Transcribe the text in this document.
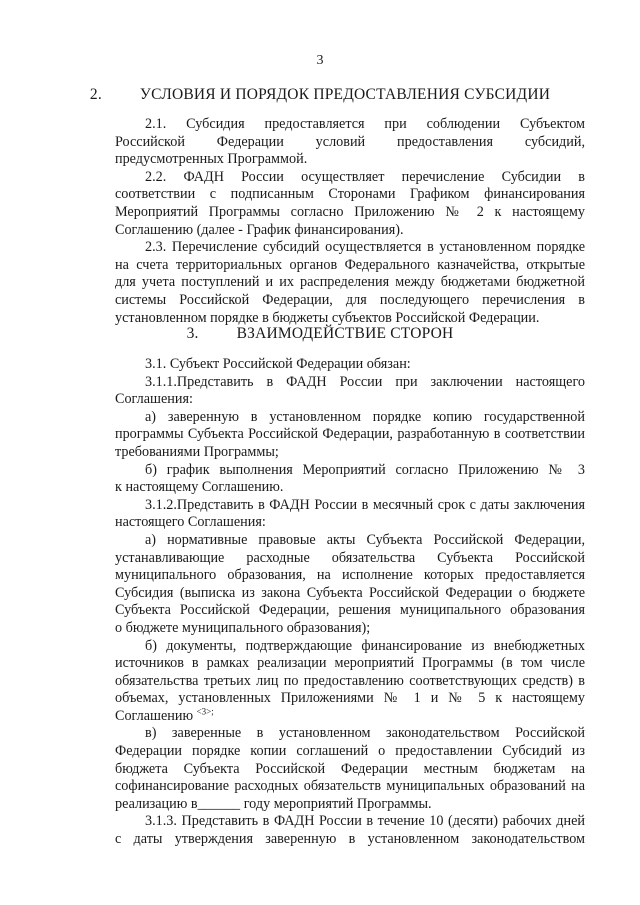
3
2. УСЛОВИЯ И ПОРЯДОК ПРЕДОСТАВЛЕНИЯ СУБСИДИИ
2.1. Субсидия предоставляется при соблюдении Субъектом
Российской Федерации условий предоставления субсидий,
предусмотренных Программой.
2.2. ФАДН России осуществляет перечисление Субсидии в
соответствии с подписанным Сторонами Графиком финансирования
Мероприятий Программы согласно Приложению № 2 к настоящему
Соглашению (далее - График финансирования).
2.3. Перечисление субсидий осуществляется в установленном порядке
на счета территориальных органов Федерального казначейства, открытые
для учета поступлений и их распределения между бюджетами бюджетной
системы Российской Федерации, для последующего перечисления в
установленном порядке в бюджеты субъектов Российской Федерации.
3. ВЗАИМОДЕЙСТВИЕ СТОРОН
3.1. Субъект Российской Федерации обязан:
3.1.1.Представить в ФАДН России при заключении настоящего
Соглашения:
а) заверенную в установленном порядке копию государственной
программы Субъекта Российской Федерации, разработанную в соответствии
требованиями Программы;
б) график выполнения Мероприятий согласно Приложению № 3
к настоящему Соглашению.
3.1.2.Представить в ФАДН России в месячный срок с даты заключения
настоящего Соглашения:
а) нормативные правовые акты Субъекта Российской Федерации,
устанавливающие расходные обязательства Субъекта Российской
муниципального образования, на исполнение которых предоставляется
Субсидия (выписка из закона Субъекта Российской Федерации о бюджете
Субъекта Российской Федерации, решения муниципального образования
о бюджете муниципального образования);
б) документы, подтверждающие финансирование из внебюджетных
источников в рамках реализации мероприятий Программы (в том числе
обязательства третьих лиц по предоставлению соответствующих средств) в
объемах, установленных Приложениями № 1 и № 5 к настоящему
Соглашению $^{<3>;}$
в) заверенные в установленном законодательством Российской
Федерации порядке копии соглашений о предоставлении Субсидий из
бюджета Субъекта Российской Федерации местным бюджетам на
софинансирование расходных обязательств муниципальных образований на
реализацию в______ году мероприятий Программы.
3.1.3. Представить в ФАДН России в течение 10 (десяти) рабочих дней
с даты утверждения заверенную в установленном законодательством
